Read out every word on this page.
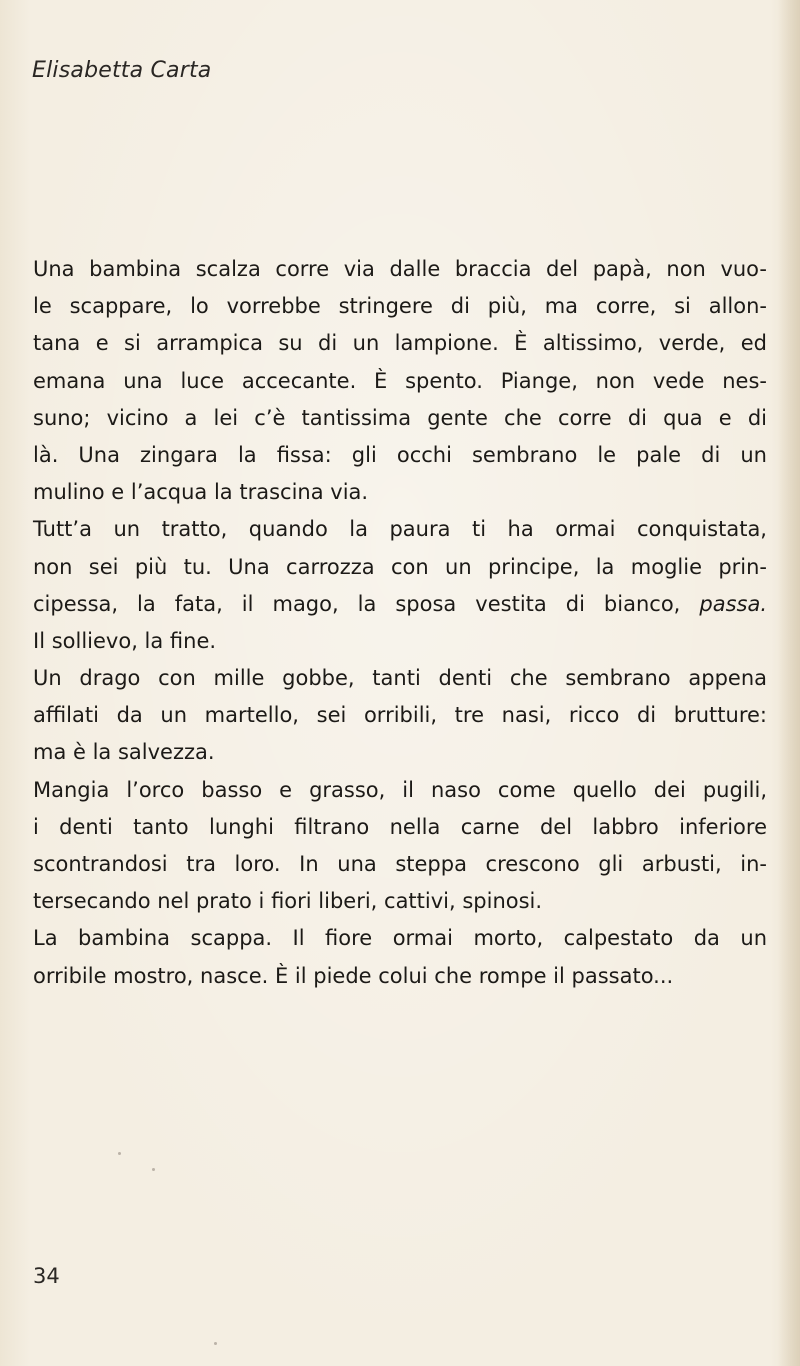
Elisabetta Carta
Una bambina scalza corre via dalle braccia del papà, non vuo-
le scappare, lo vorrebbe stringere di più, ma corre, si allon-
tana e si arrampica su di un lampione. È altissimo, verde, ed
emana una luce accecante. È spento. Piange, non vede nes-
suno; vicino a lei c’è tantissima gente che corre di qua e di
là. Una zingara la fissa: gli occhi sembrano le pale di un
mulino e l’acqua la trascina via.
Tutt’a un tratto, quando la paura ti ha ormai conquistata,
non sei più tu. Una carrozza con un principe, la moglie prin-
cipessa, la fata, il mago, la sposa vestita di bianco, passa.
Il sollievo, la fine.
Un drago con mille gobbe, tanti denti che sembrano appena
affilati da un martello, sei orribili, tre nasi, ricco di brutture:
ma è la salvezza.
Mangia l’orco basso e grasso, il naso come quello dei pugili,
i denti tanto lunghi filtrano nella carne del labbro inferiore
scontrandosi tra loro. In una steppa crescono gli arbusti, in-
tersecando nel prato i fiori liberi, cattivi, spinosi.
La bambina scappa. Il fiore ormai morto, calpestato da un
orribile mostro, nasce. È il piede colui che rompe il passato...

34
